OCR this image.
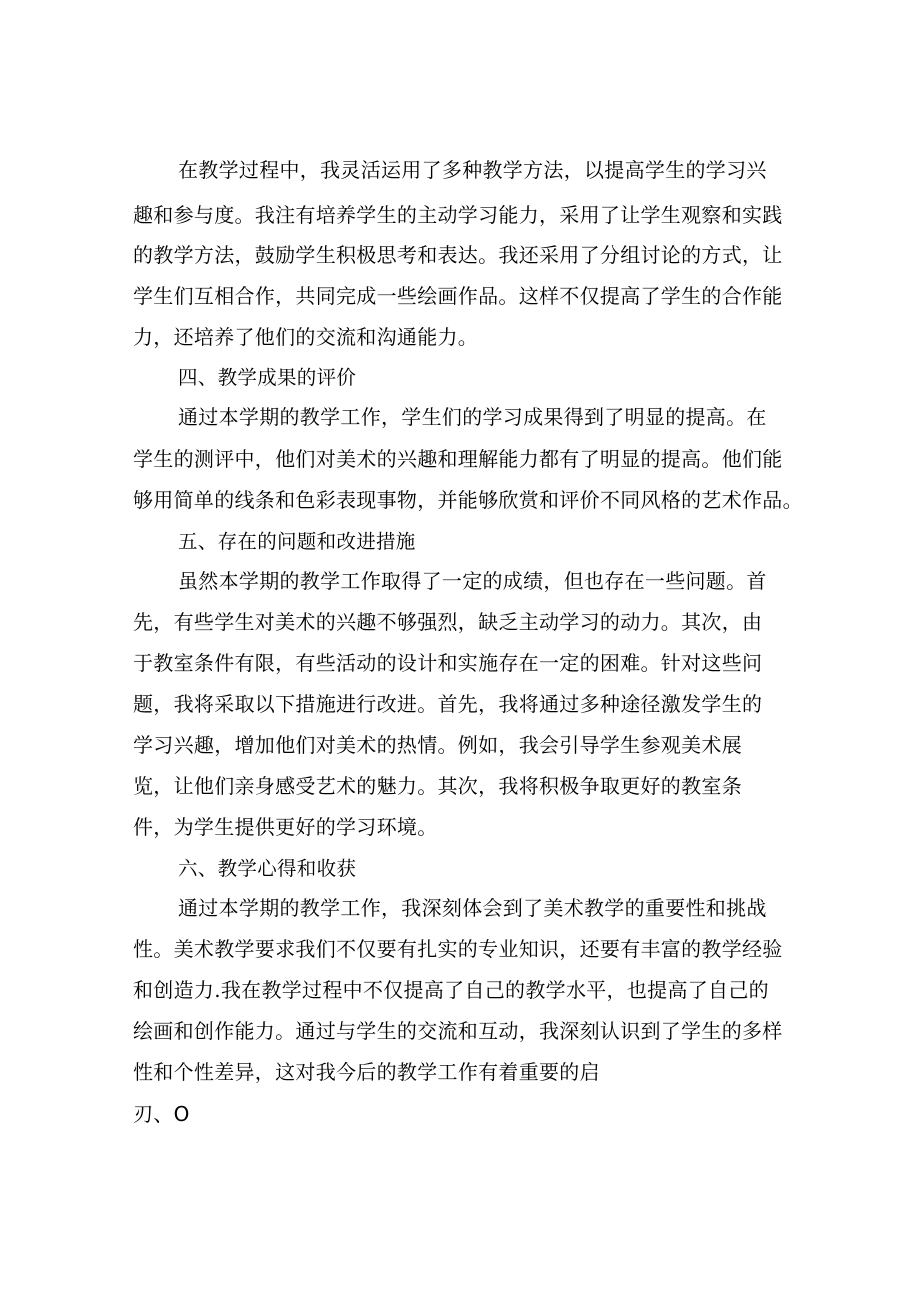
在教学过程中，我灵活运用了多种教学方法，以提高学生的学习兴
趣和参与度。我注有培养学生的主动学习能力，采用了让学生观察和实践
的教学方法，鼓励学生积极思考和表达。我还采用了分组讨论的方式，让
学生们互相合作，共同完成一些绘画作品。这样不仅提高了学生的合作能
力，还培养了他们的交流和沟通能力。
四、教学成果的评价
通过本学期的教学工作，学生们的学习成果得到了明显的提高。在
学生的测评中，他们对美术的兴趣和理解能力都有了明显的提高。他们能
够用简单的线条和色彩表现事物，并能够欣赏和评价不同风格的艺术作品。
五、存在的问题和改进措施
虽然本学期的教学工作取得了一定的成绩，但也存在一些问题。首
先，有些学生对美术的兴趣不够强烈，缺乏主动学习的动力。其次，由
于教室条件有限，有些活动的设计和实施存在一定的困难。针对这些问
题，我将采取以下措施进行改进。首先，我将通过多种途径激发学生的
学习兴趣，增加他们对美术的热情。例如，我会引导学生参观美术展
览，让他们亲身感受艺术的魅力。其次，我将积极争取更好的教室条
件，为学生提供更好的学习环境。
六、教学心得和收获
通过本学期的教学工作，我深刻体会到了美术教学的重要性和挑战
性。美术教学要求我们不仅要有扎实的专业知识，还要有丰富的教学经验
和创造力.我在教学过程中不仅提高了自己的教学水平，也提高了自己的
绘画和创作能力。通过与学生的交流和互动，我深刻认识到了学生的多样
性和个性差异，这对我今后的教学工作有着重要的启
刃、O
